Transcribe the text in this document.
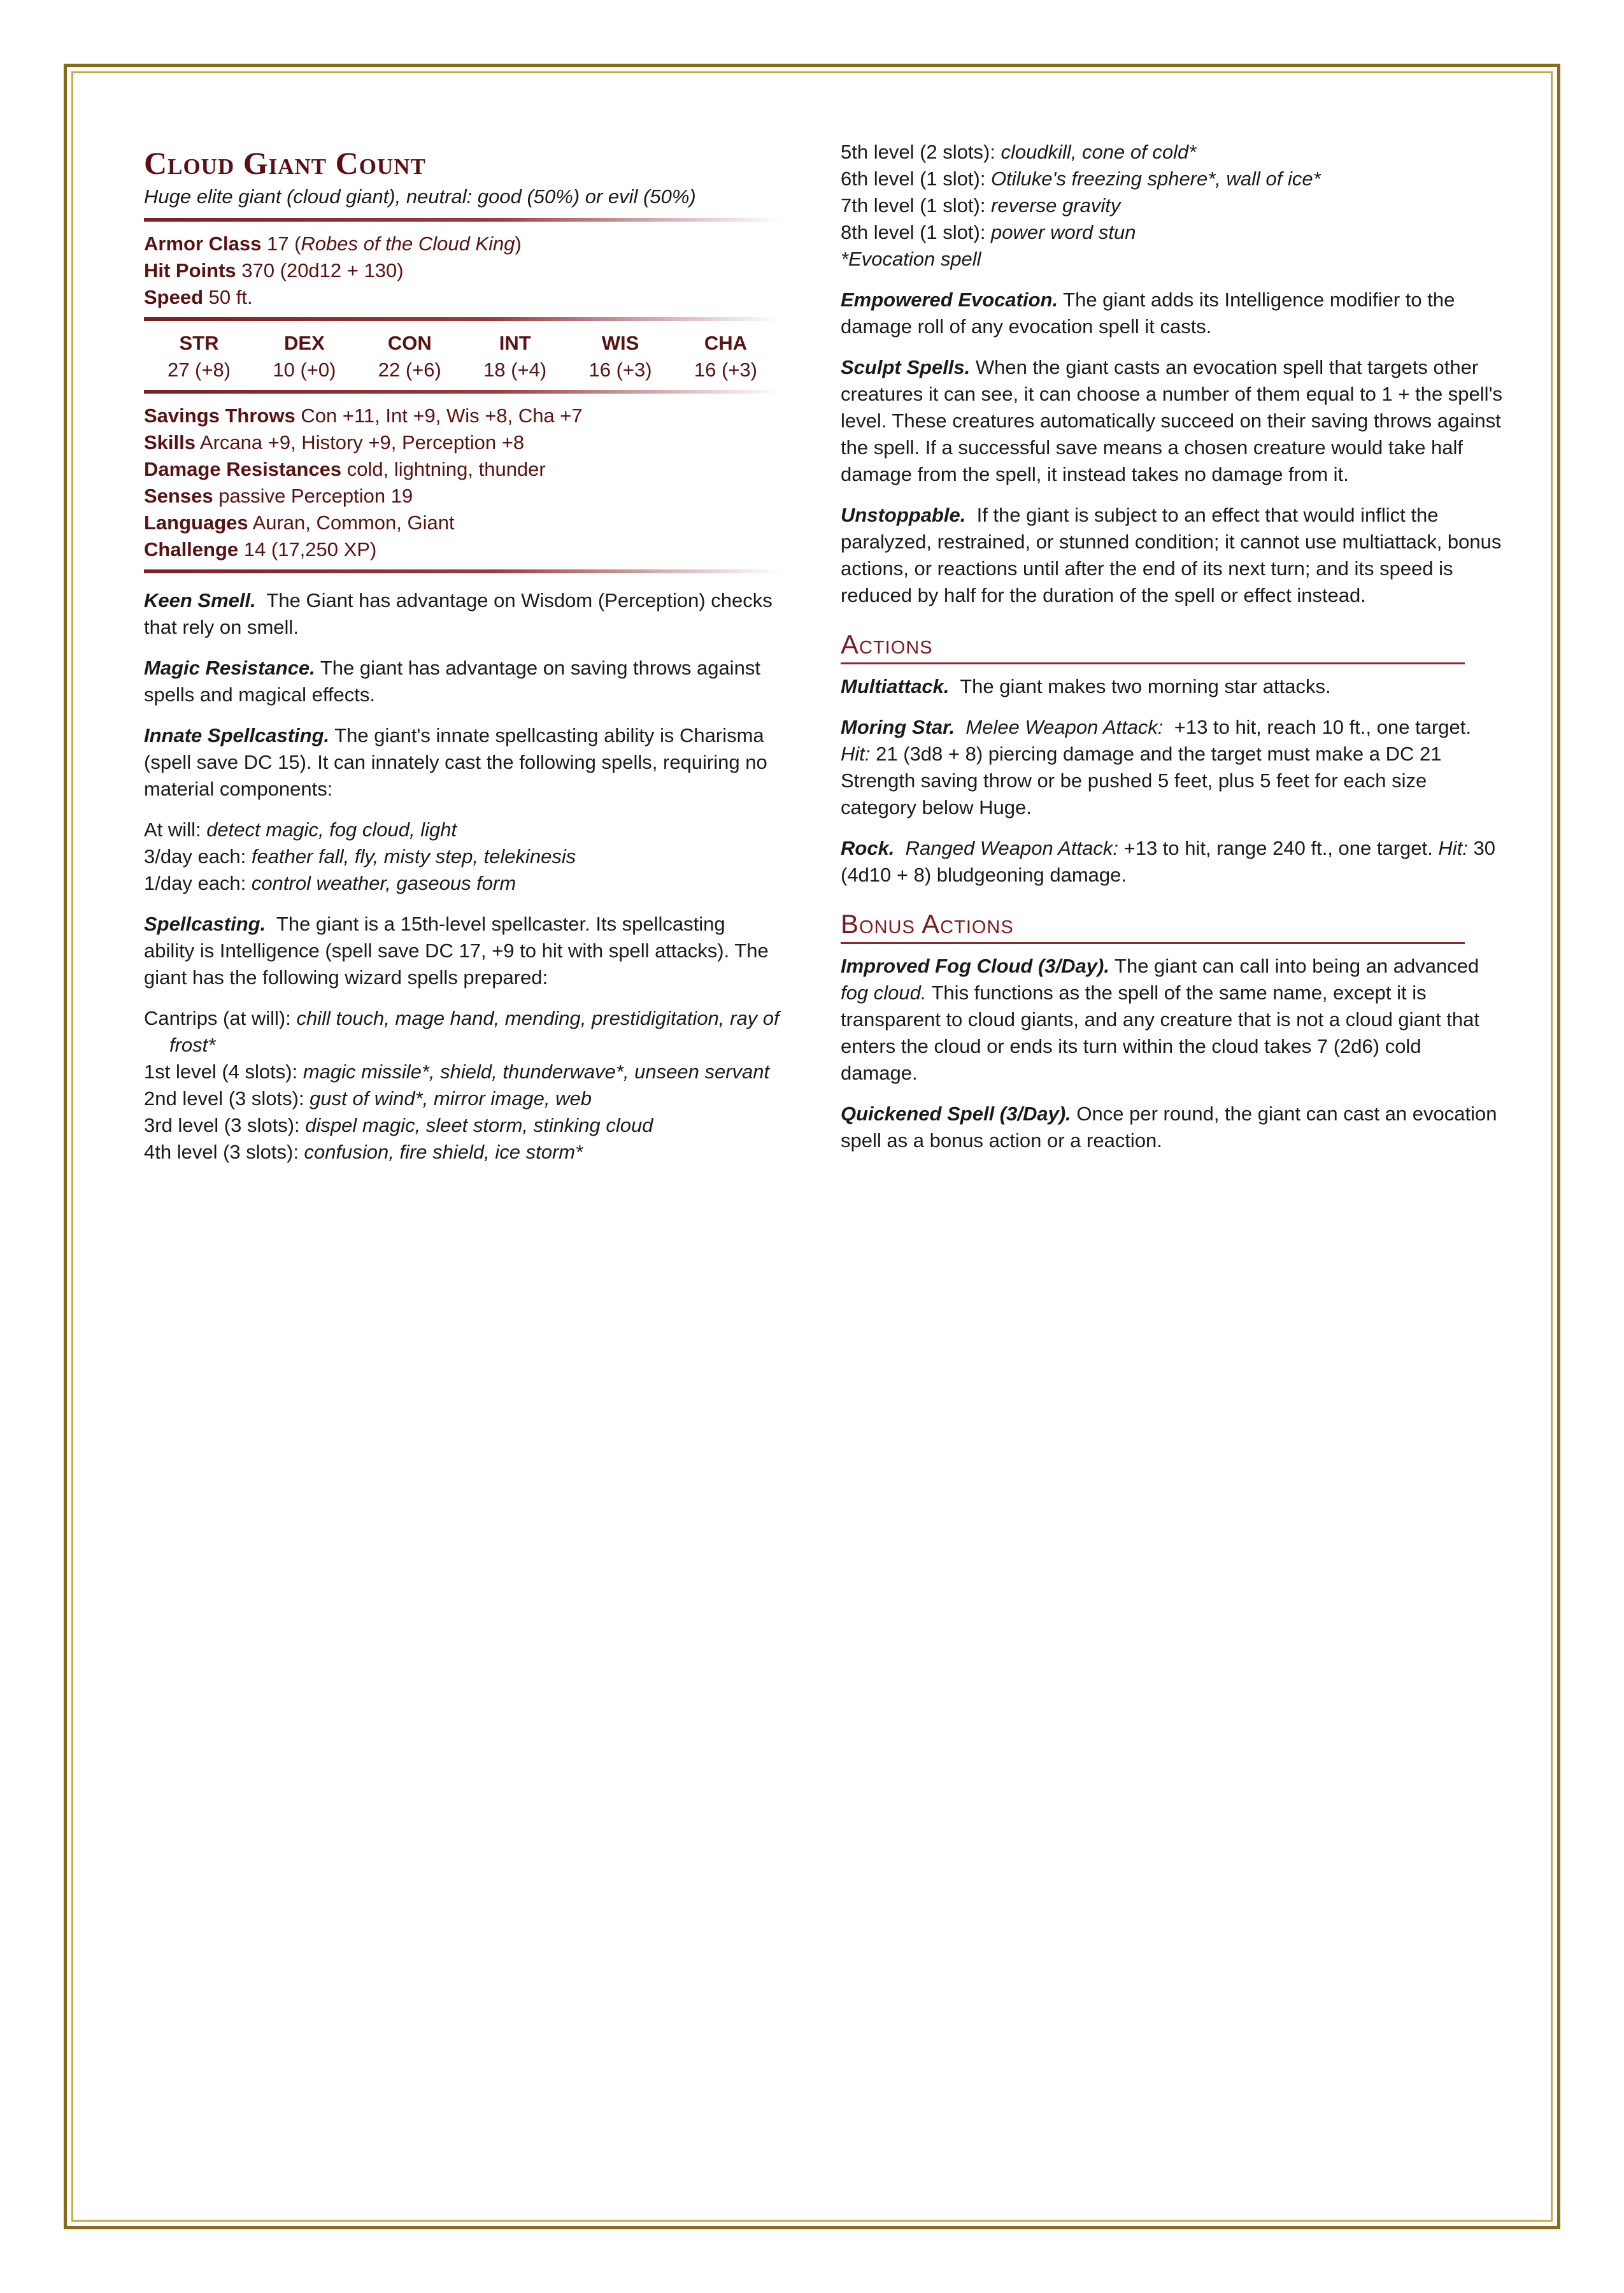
Cloud Giant Count
Huge elite giant (cloud giant), neutral: good (50%) or evil (50%)

Armor Class 17 (Robes of the Cloud King)

Hit Points 370 (20d12 + 130)

Speed 50 ft.

STR
27 (+8)
DEX
10 (+0)
CON
22 (+6)
INT
18 (+4)
WIS
16 (+3)
CHA
16 (+3)

Savings Throws Con +11, Int +9, Wis +8, Cha +7

Skills Arcana +9, History +9, Perception +8

Damage Resistances cold, lightning, thunder

Senses passive Perception 19

Languages Auran, Common, Giant

Challenge 14 (17,250 XP)

Keen Smell. The Giant has advantage on Wisdom (Perception) checks that rely on smell.

Magic Resistance. The giant has advantage on saving throws against spells and magical effects.

Innate Spellcasting. The giant's innate spellcasting ability is Charisma (spell save DC 15). It can innately cast the following spells, requiring no material components:

At will: detect magic, fog cloud, light

3/day each: feather fall, fly, misty step, telekinesis

1/day each: control weather, gaseous form

Spellcasting. The giant is a 15th-level spellcaster. Its spellcasting ability is Intelligence (spell save DC 17, +9 to hit with spell attacks). The giant has the following wizard spells prepared:

Cantrips (at will): chill touch, mage hand, mending, prestidigitation, ray of frost*

1st level (4 slots): magic missile*, shield, thunderwave*, unseen servant

2nd level (3 slots): gust of wind*, mirror image, web

3rd level (3 slots): dispel magic, sleet storm, stinking cloud

4th level (3 slots): confusion, fire shield, ice storm*

5th level (2 slots): cloudkill, cone of cold*

6th level (1 slot): Otiluke's freezing sphere*, wall of ice*

7th level (1 slot): reverse gravity

8th level (1 slot): power word stun

*Evocation spell

Empowered Evocation. The giant adds its Intelligence modifier to the damage roll of any evocation spell it casts.

Sculpt Spells. When the giant casts an evocation spell that targets other creatures it can see, it can choose a number of them equal to 1 + the spell's level. These creatures automatically succeed on their saving throws against the spell. If a successful save means a chosen creature would take half damage from the spell, it instead takes no damage from it.

Unstoppable. If the giant is subject to an effect that would inflict the paralyzed, restrained, or stunned condition; it cannot use multiattack, bonus actions, or reactions until after the end of its next turn; and its speed is reduced by half for the duration of the spell or effect instead.

Actions

Multiattack. The giant makes two morning star attacks.

Moring Star. Melee Weapon Attack: +13 to hit, reach 10 ft., one target.  Hit: 21 (3d8 + 8) piercing damage and the target must make a DC 21 Strength saving throw or be pushed 5 feet, plus 5 feet for each size category below Huge.

Rock. Ranged Weapon Attack: +13 to hit, range 240 ft., one target. Hit: 30 (4d10 + 8) bludgeoning damage.

Bonus Actions

Improved Fog Cloud (3/Day). The giant can call into being an advanced fog cloud. This functions as the spell of the same name, except it is transparent to cloud giants, and any creature that is not a cloud giant that enters the cloud or ends its turn within the cloud takes 7 (2d6) cold damage.

Quickened Spell (3/Day). Once per round, the giant can cast an evocation spell as a bonus action or a reaction.
